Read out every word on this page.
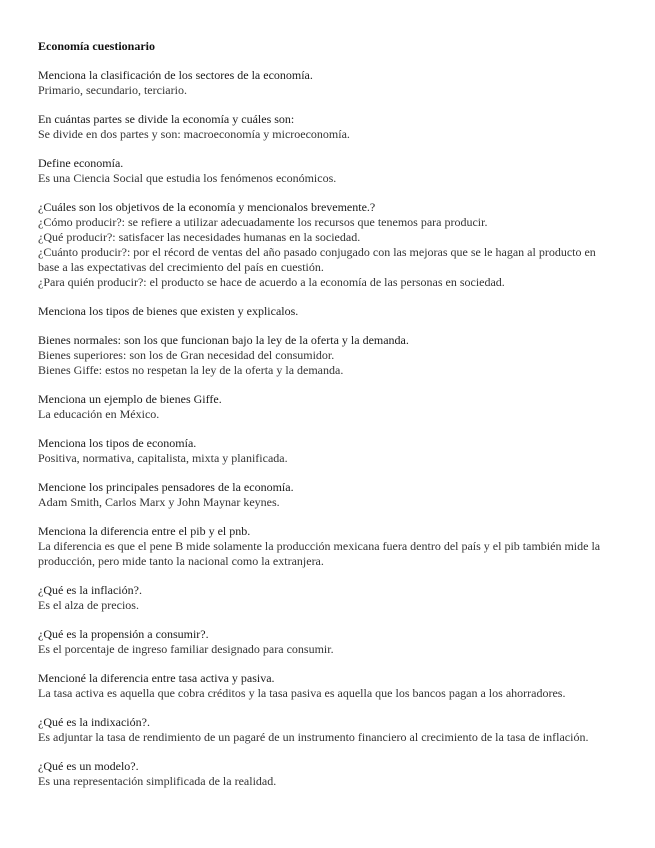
Economía cuestionario
Menciona la clasificación de los sectores de la economía.
Primario, secundario, terciario.
En cuántas partes se divide la economía y cuáles son:
Se divide en dos partes y son: macroeconomía y microeconomía.
Define economía.
Es una Ciencia Social que estudia los fenómenos económicos.
¿Cuáles son los objetivos de la economía y mencionalos brevemente.?
¿Cómo producir?: se refiere a utilizar adecuadamente los recursos que tenemos para producir.
¿Qué producir?: satisfacer las necesidades humanas en la sociedad.
¿Cuánto producir?: por el récord de ventas del año pasado conjugado con las mejoras que se le hagan al producto en base a las expectativas del crecimiento del país en cuestión.
¿Para quién producir?: el producto se hace de acuerdo a la economía de las personas en sociedad.
Menciona los tipos de bienes que existen y explicalos.
Bienes normales: son los que funcionan bajo la ley de la oferta y la demanda.
Bienes superiores: son los de Gran necesidad del consumidor.
Bienes Giffe: estos no respetan la ley de la oferta y la demanda.
Menciona un ejemplo de bienes Giffe.
La educación en México.
Menciona los tipos de economía.
Positiva, normativa, capitalista, mixta y planificada.
Mencione los principales pensadores de la economía.
Adam Smith, Carlos Marx y John Maynar keynes.
Menciona la diferencia entre el pib y el pnb.
La diferencia es que el pene B mide solamente la producción mexicana fuera dentro del país y el pib también mide la producción, pero mide tanto la nacional como la extranjera.
¿Qué es la inflación?.
Es el alza de precios.
¿Qué es la propensión a consumir?.
Es el porcentaje de ingreso familiar designado para consumir.
Mencioné la diferencia entre tasa activa y pasiva.
La tasa activa es aquella que cobra créditos y la tasa pasiva es aquella que los bancos pagan a los ahorradores.
¿Qué es la indixación?.
Es adjuntar la tasa de rendimiento de un pagaré de un instrumento financiero al crecimiento de la tasa de inflación.
¿Qué es un modelo?.
Es una representación simplificada de la realidad.
